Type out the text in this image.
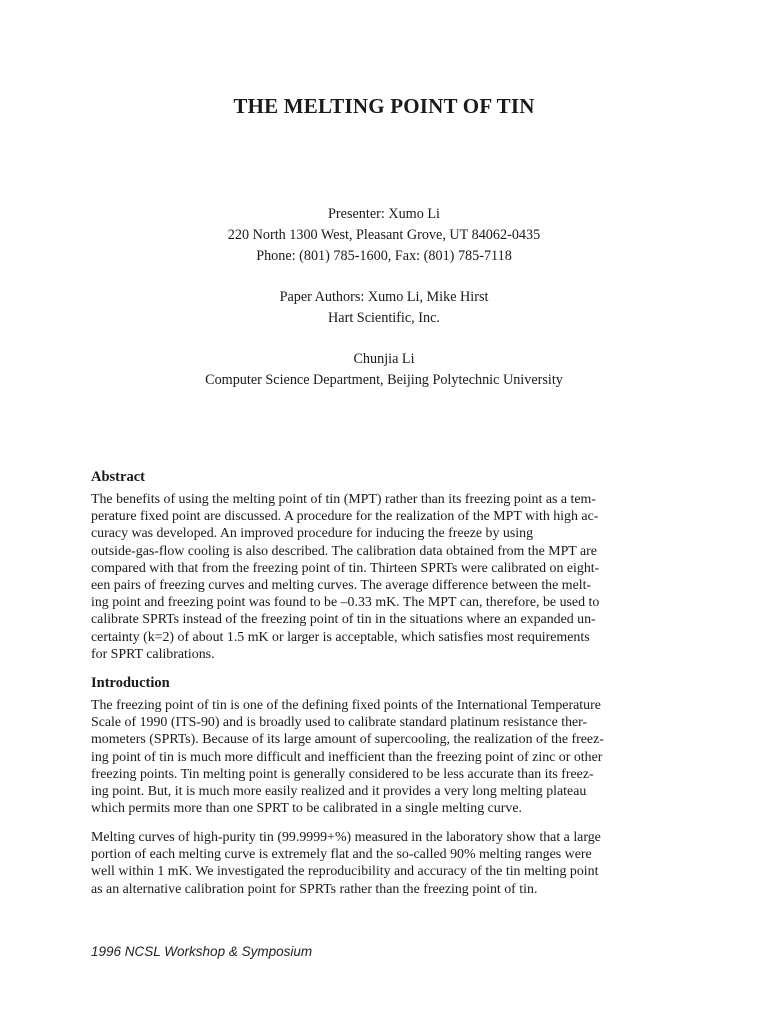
THE MELTING POINT OF TIN
Presenter: Xumo Li
220 North 1300 West, Pleasant Grove, UT 84062-0435
Phone: (801) 785-1600, Fax: (801) 785-7118
Paper Authors: Xumo Li, Mike Hirst
Hart Scientific, Inc.
Chunjia Li
Computer Science Department, Beijing Polytechnic University
Abstract

The benefits of using the melting point of tin (MPT) rather than its freezing point as a tem-
perature fixed point are discussed. A procedure for the realization of the MPT with high ac-
curacy was developed. An improved procedure for inducing the freeze by using
outside-gas-flow cooling is also described. The calibration data obtained from the MPT are
compared with that from the freezing point of tin. Thirteen SPRTs were calibrated on eight-
een pairs of freezing curves and melting curves. The average difference between the melt-
ing point and freezing point was found to be –0.33 mK. The MPT can, therefore, be used to
calibrate SPRTs instead of the freezing point of tin in the situations where an expanded un-
certainty (k=2) of about 1.5 mK or larger is acceptable, which satisfies most requirements
for SPRT calibrations.

Introduction

The freezing point of tin is one of the defining fixed points of the International Temperature
Scale of 1990 (ITS-90) and is broadly used to calibrate standard platinum resistance ther-
mometers (SPRTs). Because of its large amount of supercooling, the realization of the freez-
ing point of tin is much more difficult and inefficient than the freezing point of zinc or other
freezing points. Tin melting point is generally considered to be less accurate than its freez-
ing point. But, it is much more easily realized and it provides a very long melting plateau
which permits more than one SPRT to be calibrated in a single melting curve.

Melting curves of high-purity tin (99.9999+%) measured in the laboratory show that a large
portion of each melting curve is extremely flat and the so-called 90% melting ranges were
well within 1 mK. We investigated the reproducibility and accuracy of the tin melting point
as an alternative calibration point for SPRTs rather than the freezing point of tin.

1996 NCSL Workshop & Symposium
